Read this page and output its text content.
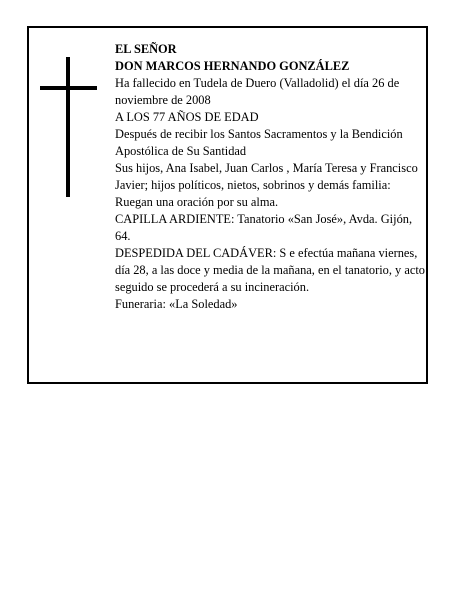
EL SEÑOR

DON MARCOS HERNANDO GONZÁLEZ

Ha fallecido en Tudela de Duero (Valladolid) el día 26 de noviembre de 2008

A LOS 77 AÑOS DE EDAD

Después de recibir los Santos Sacramentos y la Bendición Apostólica de Su Santidad

Sus hijos, Ana Isabel, Juan Carlos , María Teresa y Francisco Javier; hijos políticos, nietos, sobrinos y demás familia:

Ruegan una oración por su alma.

CAPILLA ARDIENTE: Tanatorio «San José», Avda. Gijón, 64.

DESPEDIDA DEL CADÁVER: S e efectúa mañana viernes, día 28, a las doce y media de la mañana, en el tanatorio, y acto seguido se procederá a su incineración.

Funeraria: «La Soledad»
